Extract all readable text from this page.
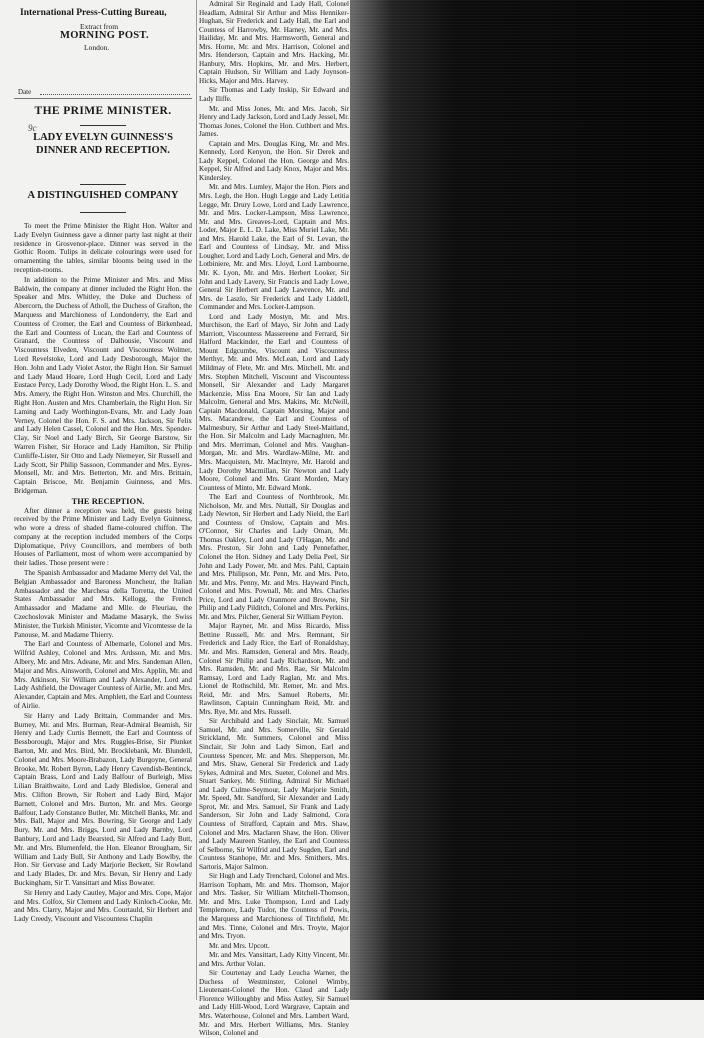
International Press-Cutting Bureau,
Extract from
MORNING POST.
London.
Date
THE PRIME MINISTER.
9c
LADY EVELYN GUINNESS'S DINNER AND RECEPTION.
A DISTINGUISHED COMPANY

To meet the Prime Minister the Right Hon. Walter and Lady Evelyn Guinness gave a dinner party last night at their residence in Grosvenor-place. Dinner was served in the Gothic Room. Tulips in delicate colourings were used for ornamenting the tables, similar blooms being used in the reception-rooms.

In addition to the Prime Minister and Mrs. and Miss Baldwin, the company at dinner included the Right Hon. the Speaker and Mrs. Whitley, the Duke and Duchess of Abercorn, the Duchess of Atholl, the Duchess of Grafton, the Marquess and Marchioness of Londonderry, the Earl and Countess of Cromer, the Earl and Countess of Birkenhead, the Earl and Countess of Lucan, the Earl and Countess of Granard, the Countess of Dalhousie, Viscount and Viscountess Elveden, Viscount and Viscountess Wolmer, Lord Revelstoke, Lord and Lady Desborough, Major the Hon. John and Lady Violet Astor, the Right Hon. Sir Samuel and Lady Maud Hoare, Lord Hugh Cecil, Lord and Lady Eustace Percy, Lady Dorothy Wood, the Right Hon. L. S. and Mrs. Amery, the Right Hon. Winston and Mrs. Churchill, the Right Hon. Austen and Mrs. Chamberlain, the Right Hon. Sir Laming and Lady Worthington-Evans, Mr. and Lady Joan Verney, Colonel the Hon. F. S. and Mrs. Jackson, Sir Felix and Lady Helen Cassel, Colonel and the Hon. Mrs. Spender-Clay, Sir Noel and Lady Birch, Sir George Barstow, Sir Warren Fisher, Sir Horace and Lady Hamilton, Sir Philip Cunliffe-Lister, Sir Otto and Lady Niemeyer, Sir Russell and Lady Scott, Sir Philip Sassoon, Commander and Mrs. Eyres-Monsell, Mr. and Mrs. Betterton, Mr. and Mrs. Brittain, Captain Briscoe, Mr. Benjamin Guinness, and Mrs. Bridgeman.

THE RECEPTION.

After dinner a reception was held, the guests being received by the Prime Minister and Lady Evelyn Guinness, who wore a dress of shaded flame-coloured chiffon. The company at the reception included members of the Corps Diplomatique, Privy Councillors, and members of both Houses of Parliament, most of whom were accompanied by their ladies. Those present were :

The Spanish Ambassador and Madame Merry del Val, the Belgian Ambassador and Baroness Moncheur, the Italian Ambassador and the Marchesa della Torretta, the United States Ambassador and Mrs. Kellogg, the French Ambassador and Madame and Mlle. de Fleuriau, the Czechoslovak Minister and Madame Masaryk, the Swiss Minister, the Turkish Minister, Vicomte and Vicomtesse de la Panouse, M. and Madame Thierry.

The Earl and Countess of Albemarle, Colonel and Mrs. Wilfrid Ashley, Colonel and Mrs. Ardsson, Mr. and Mrs. Albery, Mr. and Mrs. Adeane, Mr. and Mrs. Sandeman Allen, Major and Mrs. Ainsworth, Colonel and Mrs. Applin, Mr. and Mrs. Atkinson, Sir William and Lady Alexander, Lord and Lady Ashfield, the Dowager Countess of Airlie, Mr. and Mrs. Alexander, Captain and Mrs. Amphlett, the Earl and Countess of Airlie.

Sir Harry and Lady Brittain, Commander and Mrs. Burney, Mr. and Mrs. Burman, Rear-Admiral Beamish, Sir Henry and Lady Curtis Bennett, the Earl and Countess of Bessborough, Major and Mrs. Ruggles-Brise, Sir Plunket Barton, Mr. and Mrs. Bird, Mr. Brocklebank, Mr. Blundell, Colonel and Mrs. Moore-Brabazon, Lady Burgoyne, General Brooke, Mr. Robert Byron, Lady Henry Cavendish-Bentinck, Captain Brass, Lord and Lady Balfour of Burleigh, Miss Lilian Braithwaite, Lord and Lady Bledisloe, General and Mrs. Clifton Brown, Sir Robert and Lady Bird, Major Barnett, Colonel and Mrs. Burton, Mr. and Mrs. George Balfour, Lady Constance Butler, Mr. Mitchell Banks, Mr. and Mrs. Ball, Major and Mrs. Bowring, Sir George and Lady Bury, Mr. and Mrs. Briggs, Lord and Lady Barnby, Lord Banbury, Lord and Lady Bearsted, Sir Alfred and Lady Butt, Mr. and Mrs. Blumenfeld, the Hon. Eleanor Brougham, Sir William and Lady Bull, Sir Anthony and Lady Bowlby, the Hon. Sir Gervase and Lady Marjorie Beckett, Sir Rowland and Lady Blades, Dr. and Mrs. Bevan, Sir Henry and Lady Buckingham, Sir T. Vansittart and Miss Bowater.

Sir Henry and Lady Cautley, Major and Mrs. Cope, Major and Mrs. Colfox, Sir Clement and Lady Kinloch-Cooke, Mr. and Mrs. Clarry, Major and Mrs. Courtauld, Sir Herbert and Lady Creedy, Viscount and Viscountess Chaplin

Admiral Sir Reginald and Lady Hall, Colonel Headlam, Admiral Sir Arthur and Miss Henniker-Hughan, Sir Frederick and Lady Hall, the Earl and Countess of Harrowby, Mr. Harney, Mr. and Mrs. Hailiday, Mr. and Mrs. Harmsworth, General and Mrs. Horne, Mr. and Mrs. Harrison, Colonel and Mrs. Henderson, Captain and Mrs. Hacking, Mr. Hanbury, Mrs. Hopkins, Mr. and Mrs. Herbert, Captain Hudson, Sir William and Lady Joynson-Hicks, Major and Mrs. Harvey.

Sir Thomas and Lady Inskip, Sir Edward and Lady Iliffe.

Mr. and Miss Jones, Mr. and Mrs. Jacob, Sir Henry and Lady Jackson, Lord and Lady Jessel, Mr. Thomas Jones, Colonel the Hon. Cuthbert and Mrs. James.

Captain and Mrs. Douglas King, Mr. and Mrs. Kennedy, Lord Kenyon, the Hon. Sir Derek and Lady Keppel, Colonel the Hon. George and Mrs. Keppel, Sir Alfred and Lady Knox, Major and Mrs. Kindersley.

Mr. and Mrs. Lumley, Major the Hon. Piers and Mrs. Legh, the Hon. Hugh Legge and Lady Letitia Legge, Mr. Drury Lowe, Lord and Lady Lawrence, Mr. and Mrs. Locker-Lampson, Miss Lawrence, Mr. and Mrs. Greaves-Lord, Captain and Mrs. Loder, Major E. L. D. Lake, Miss Muriel Lake, Mr. and Mrs. Harold Lake, the Earl of St. Levan, the Earl and Countess of Lindsay, Mr. and Miss Lougher, Lord and Lady Loch, General and Mrs. de Lotbiniere, Mr. and Mrs. Lloyd, Lord Lambourne, Mr. K. Lyon, Mr. and Mrs. Herbert Looker, Sir John and Lady Lavery, Sir Francis and Lady Lowe, General Sir Herbert and Lady Lawrence, Mr. and Mrs. de Laszlo, Sir Frederick and Lady Liddell, Commander and Mrs. Locker-Lampson.

Lord and Lady Mostyn, Mr. and Mrs. Murchison, the Earl of Mayo, Sir John and Lady Marriott, Viscountess Massereene and Ferrard, Sir Halford Mackinder, the Earl and Countess of Mount Edgcumbe, Viscount and Viscountess Merthyr, Mr. and Mrs. McLean, Lord and Lady Mildmay of Flete, Mr. and Mrs. Mitchell, Mr. and Mrs. Stephen Mitchell, Viscount and Viscountess Monsell, Sir Alexander and Lady Margaret Mackenzie, Miss Ena Moore, Sir Ian and Lady Malcolm, General and Mrs. Makins, Mr. McNeill, Captain Macdonald, Captain Morsing, Major and Mrs. Macandrew, the Earl and Countess of Malmesbury, Sir Arthur and Lady Steel-Maitland, the Hon. Sir Malcolm and Lady Macnaghten, Mr. and Mrs. Merriman, Colonel and Mrs. Vaughan-Morgan, Mr. and Mrs. Wardlaw-Milne, Mr. and Mrs. Macquisten, Mr. MacIntyre, Mr. Harold and Lady Dorothy Macmillan, Sir Newton and Lady Moore, Colonel and Mrs. Grant Morden, Mary Countess of Minto, Mr. Edward Monk.

The Earl and Countess of Northbrook, Mr. Nicholson, Mr. and Mrs. Nuttall, Sir Douglas and Lady Newton, Sir Herbert and Lady Nield, the Earl and Countess of Onslow, Captain and Mrs. O'Connor, Sir Charles and Lady Oman, Mr. Thomas Oakley, Lord and Lady O'Hagan, Mr. and Mrs. Preston, Sir John and Lady Pennefather, Colonel the Hon. Sidney and Lady Delia Peel, Sir John and Lady Power, Mr. and Mrs. Pahl, Captain and Mrs. Philipson, Mr. Penn, Mr. and Mrs. Peto, Mr. and Mrs. Penny, Mr. and Mrs. Hayward Pinch, Colonel and Mrs. Pownall, Mr. and Mrs. Charles Price, Lord and Lady Oranmore and Browne, Sir Philip and Lady Pilditch, Colonel and Mrs. Perkins, Mr. and Mrs. Pilcher, General Sir William Peyton.

Major Rayner, Mr. and Miss Ricardo, Miss Bettine Russell, Mr. and Mrs. Remnant, Sir Frederick and Lady Rice, the Earl of Ronaldshay, Mr. and Mrs. Ramsden, General and Mrs. Ready, Colonel Sir Philip and Lady Richardson, Mr. and Mrs. Ramsden, Mr. and Mrs. Rae, Sir Malcolm Ramsay, Lord and Lady Raglan, Mr. and Mrs. Lionel de Rothschild, Mr. Remer, Mr. and Mrs. Reid, Mr. and Mrs. Samuel Roberts, Mr. Rawlinson, Captain Cunningham Reid, Mr. and Mrs. Rye, Mr. and Mrs. Russell.

Sir Archibald and Lady Sinclair, Mr. Samuel Samuel, Mr. and Mrs. Somerville, Sir Gerald Strickland, Mr. Summers, Colonel and Miss Sinclair, Sir John and Lady Simon, Earl and Countess Spencer, Mr. and Mrs. Shepperson, Mr. and Mrs. Shaw, General Sir Frederick and Lady Sykes, Admiral and Mrs. Sueter, Colonel and Mrs. Stuart Sankey, Mr. Stirling, Admiral Sir Michael and Lady Culme-Seymour, Lady Marjorie Smith, Mr. Speed, Mr. Sandford, Sir Alexander and Lady Sprot, Mr. and Mrs. Samuel, Sir Frank and Lady Sanderson, Sir John and Lady Salmond, Cora Countess of Strafford, Captain and Mrs. Shaw, Colonel and Mrs. Maclaren Shaw, the Hon. Oliver and Lady Maureen Stanley, the Earl and Countess of Selborne, Sir Wilfrid and Lady Sugden, Earl and Countess Stanhope, Mr. and Mrs. Smithers, Mrs. Sartoris, Major Salmon.

Sir Hugh and Lady Trenchard, Colonel and Mrs. Harrison Topham, Mr. and Mrs. Thomson, Major and Mrs. Tasker, Sir William Mitchell-Thomson, Mr. and Mrs. Luke Thompson, Lord and Lady Templemore, Lady Tudor, the Countess of Powis, the Marquess and Marchioness of Titchfield, Mr. and Mrs. Tinne, Colonel and Mrs. Troyte, Major and Mrs. Tryon.

Mr. and Mrs. Upcott.

Mr. and Mrs. Vansittart, Lady Kitty Vincent, Mr. and Mrs. Arthur Volan.

Sir Courtenay and Lady Leucha Warner, the Duchess of Westminster, Colonel Wimby, Lieutenant-Colonel the Hon. Claud and Lady Florence Willoughby and Miss Astley, Sir Samuel and Lady Hill-Wood, Lord Wargrave, Captain and Mrs. Waterhouse, Colonel and Mrs. Lambert Ward, Mr. and Mrs. Herbert Williams, Mrs. Stanley Wilson, Colonel and
